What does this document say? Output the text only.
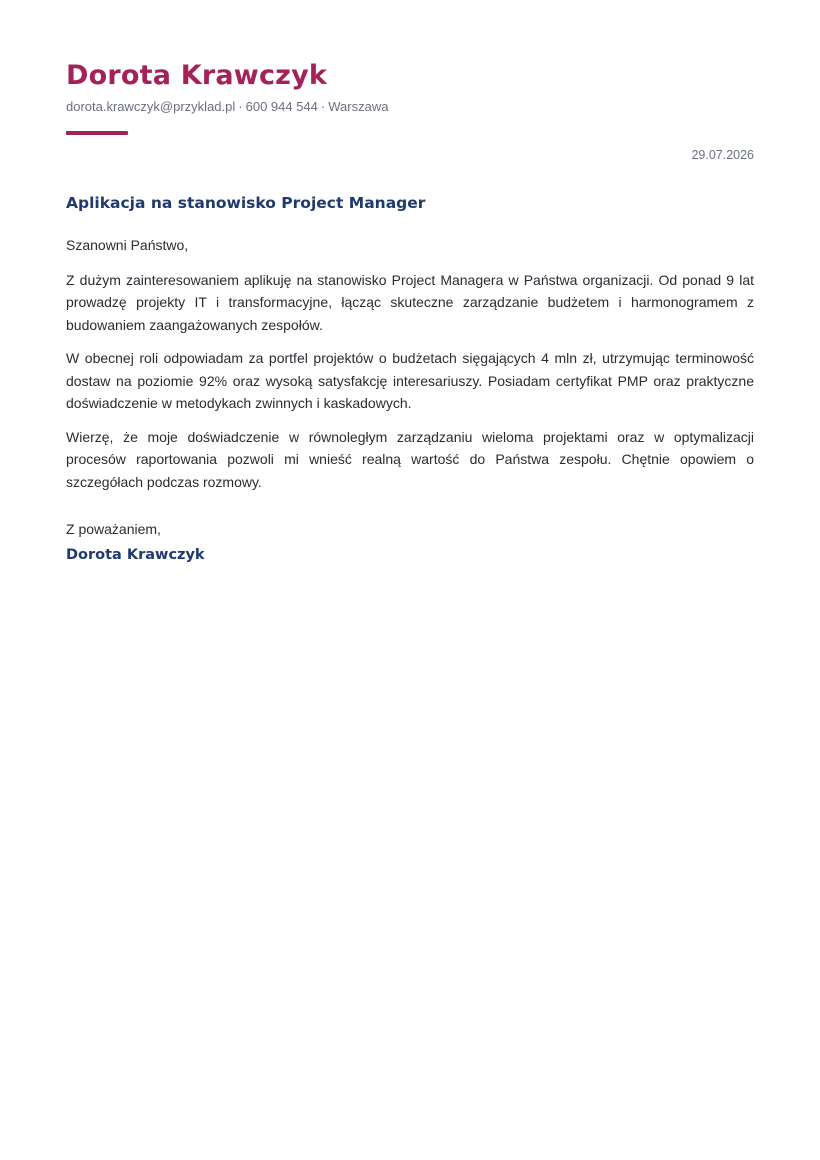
Dorota Krawczyk
dorota.krawczyk@przyklad.pl · 600 944 544 · Warszawa
29.07.2026
Aplikacja na stanowisko Project Manager

Szanowni Państwo,

Z dużym zainteresowaniem aplikuję na stanowisko Project Managera w Państwa organizacji. Od ponad 9 lat prowadzę projekty IT i transformacyjne, łącząc skuteczne zarządzanie budżetem i harmonogramem z budowaniem zaangażowanych zespołów.

W obecnej roli odpowiadam za portfel projektów o budżetach sięgających 4 mln zł, utrzymując terminowość dostaw na poziomie 92% oraz wysoką satysfakcję interesariuszy. Posiadam certyfikat PMP oraz praktyczne doświadczenie w metodykach zwinnych i kaskadowych.

Wierzę, że moje doświadczenie w równoległym zarządzaniu wieloma projektami oraz w optymalizacji procesów raportowania pozwoli mi wnieść realną wartość do Państwa zespołu. Chętnie opowiem o szczegółach podczas rozmowy.

Z poważaniem,
Dorota Krawczyk
